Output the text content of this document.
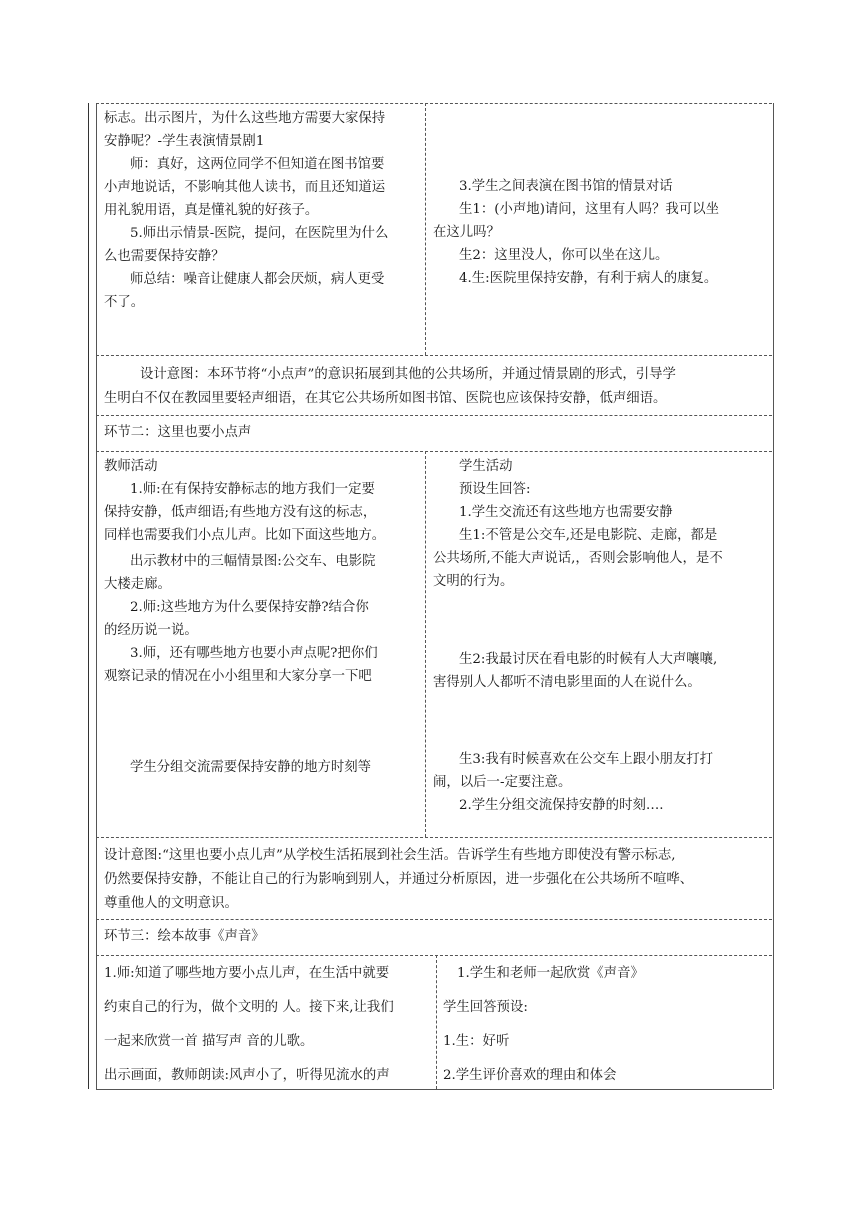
标志。出示图片，为什么这些地方需要大家保持

安静呢？-学生表演情景剧1

师：真好，这两位同学不但知道在图书馆要

小声地说话，不影响其他人读书，而且还知道运

用礼貌用语，真是懂礼貌的好孩子。

5.师出示情景-医院，提问，在医院里为什么

么也需要保持安静？

师总结：噪音让健康人都会厌烦，病人更受

不了。

3.学生之间表演在图书馆的情景对话

生1：(小声地)请问，这里有人吗？我可以坐

在这儿吗？

生2：这里没人，你可以坐在这儿。

4.生:医院里保持安静，有利于病人的康复。

设计意图：本环节将“小点声”的意识拓展到其他的公共场所，并通过情景剧的形式，引导学

生明白不仅在教园里要轻声细语，在其它公共场所如图书馆、医院也应该保持安静，低声细语。

环节二：这里也要小点声

教师活动

1.师:在有保持安静标志的地方我们一定要

保持安静，低声细语;有些地方没有这的标志，

同样也需要我们小点儿声。比如下面这些地方。

出示教材中的三幅情景图:公交车、电影院

大楼走廊。

2.师:这些地方为什么要保持安静?结合你

的经历说一说。

3.师，还有哪些地方也要小声点呢?把你们

观察记录的情况在小小组里和大家分享一下吧

学生分组交流需要保持安静的地方时刻等

学生活动

预设生回答:

1.学生交流还有这些地方也需要安静

生1:不管是公交车,还是电影院、走廊，都是

公共场所,不能大声说话,，否则会影响他人，是不

文明的行为。

生2:我最讨厌在看电影的时候有人大声嚷嚷,

害得别人人都听不清电影里面的人在说什么。

生3:我有时候喜欢在公交车上跟小朋友打打

闹，以后一-定要注意。

2.学生分组交流保持安静的时刻….

设计意图:“这里也要小点儿声”从学校生活拓展到社会生活。告诉学生有些地方即使没有警示标志,

仍然要保持安静，不能让自己的行为影响到别人，并通过分析原因，进一步强化在公共场所不喧哗、

尊重他人的文明意识。

环节三：绘本故事《声音》

1.师:知道了哪些地方要小点儿声，在生活中就要

约束自己的行为，做个文明的 人。接下来,让我们

一起来欣赏一首 描写声 音的儿歌。

出示画面，教师朗读:风声小了，听得见流水的声

1.学生和老师一起欣赏《声音》

学生回答预设:

1.生：好听

2.学生评价喜欢的理由和体会
